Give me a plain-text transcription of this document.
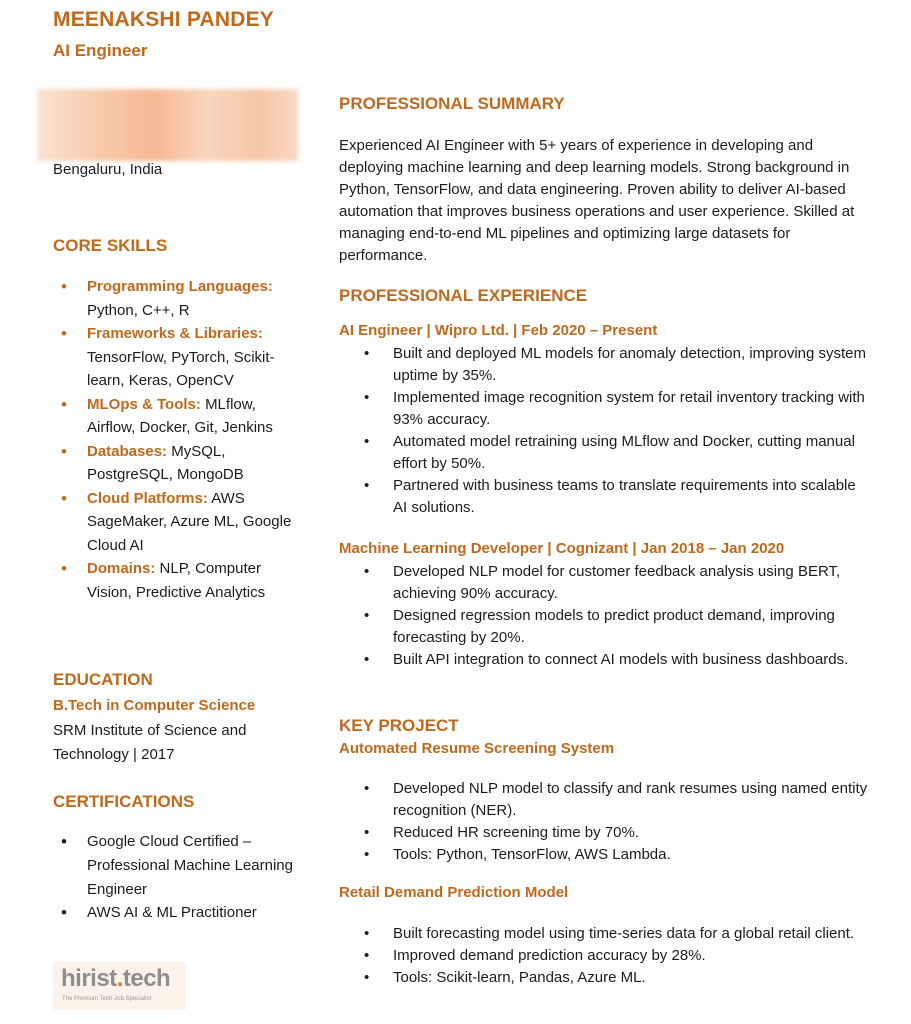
MEENAKSHI PANDEY
AI Engineer
Bengaluru, India
CORE SKILLS
• Programming Languages: Python, C++, R
• Frameworks & Libraries: TensorFlow, PyTorch, Scikit-learn, Keras, OpenCV
• MLOps & Tools: MLflow, Airflow, Docker, Git, Jenkins
• Databases: MySQL, PostgreSQL, MongoDB
• Cloud Platforms: AWS SageMaker, Azure ML, Google Cloud AI
• Domains: NLP, Computer Vision, Predictive Analytics
EDUCATION
B.Tech in Computer Science
SRM Institute of Science and Technology | 2017
CERTIFICATIONS
• Google Cloud Certified – Professional Machine Learning Engineer
• AWS AI & ML Practitioner
hirist.tech
The Premium Tech-Job Specialist
PROFESSIONAL SUMMARY

Experienced AI Engineer with 5+ years of experience in developing and deploying machine learning and deep learning models. Strong background in Python, TensorFlow, and data engineering. Proven ability to deliver AI-based automation that improves business operations and user experience. Skilled at managing end-to-end ML pipelines and optimizing large datasets for performance.

PROFESSIONAL EXPERIENCE
AI Engineer | Wipro Ltd. | Feb 2020 – Present
• Built and deployed ML models for anomaly detection, improving system uptime by 35%.
• Implemented image recognition system for retail inventory tracking with 93% accuracy.
• Automated model retraining using MLflow and Docker, cutting manual effort by 50%.
• Partnered with business teams to translate requirements into scalable AI solutions.
Machine Learning Developer | Cognizant | Jan 2018 – Jan 2020
• Developed NLP model for customer feedback analysis using BERT, achieving 90% accuracy.
• Designed regression models to predict product demand, improving forecasting by 20%.
• Built API integration to connect AI models with business dashboards.
KEY PROJECT
Automated Resume Screening System
• Developed NLP model to classify and rank resumes using named entity recognition (NER).
• Reduced HR screening time by 70%.
• Tools: Python, TensorFlow, AWS Lambda.
Retail Demand Prediction Model
• Built forecasting model using time-series data for a global retail client.
• Improved demand prediction accuracy by 28%.
• Tools: Scikit-learn, Pandas, Azure ML.
